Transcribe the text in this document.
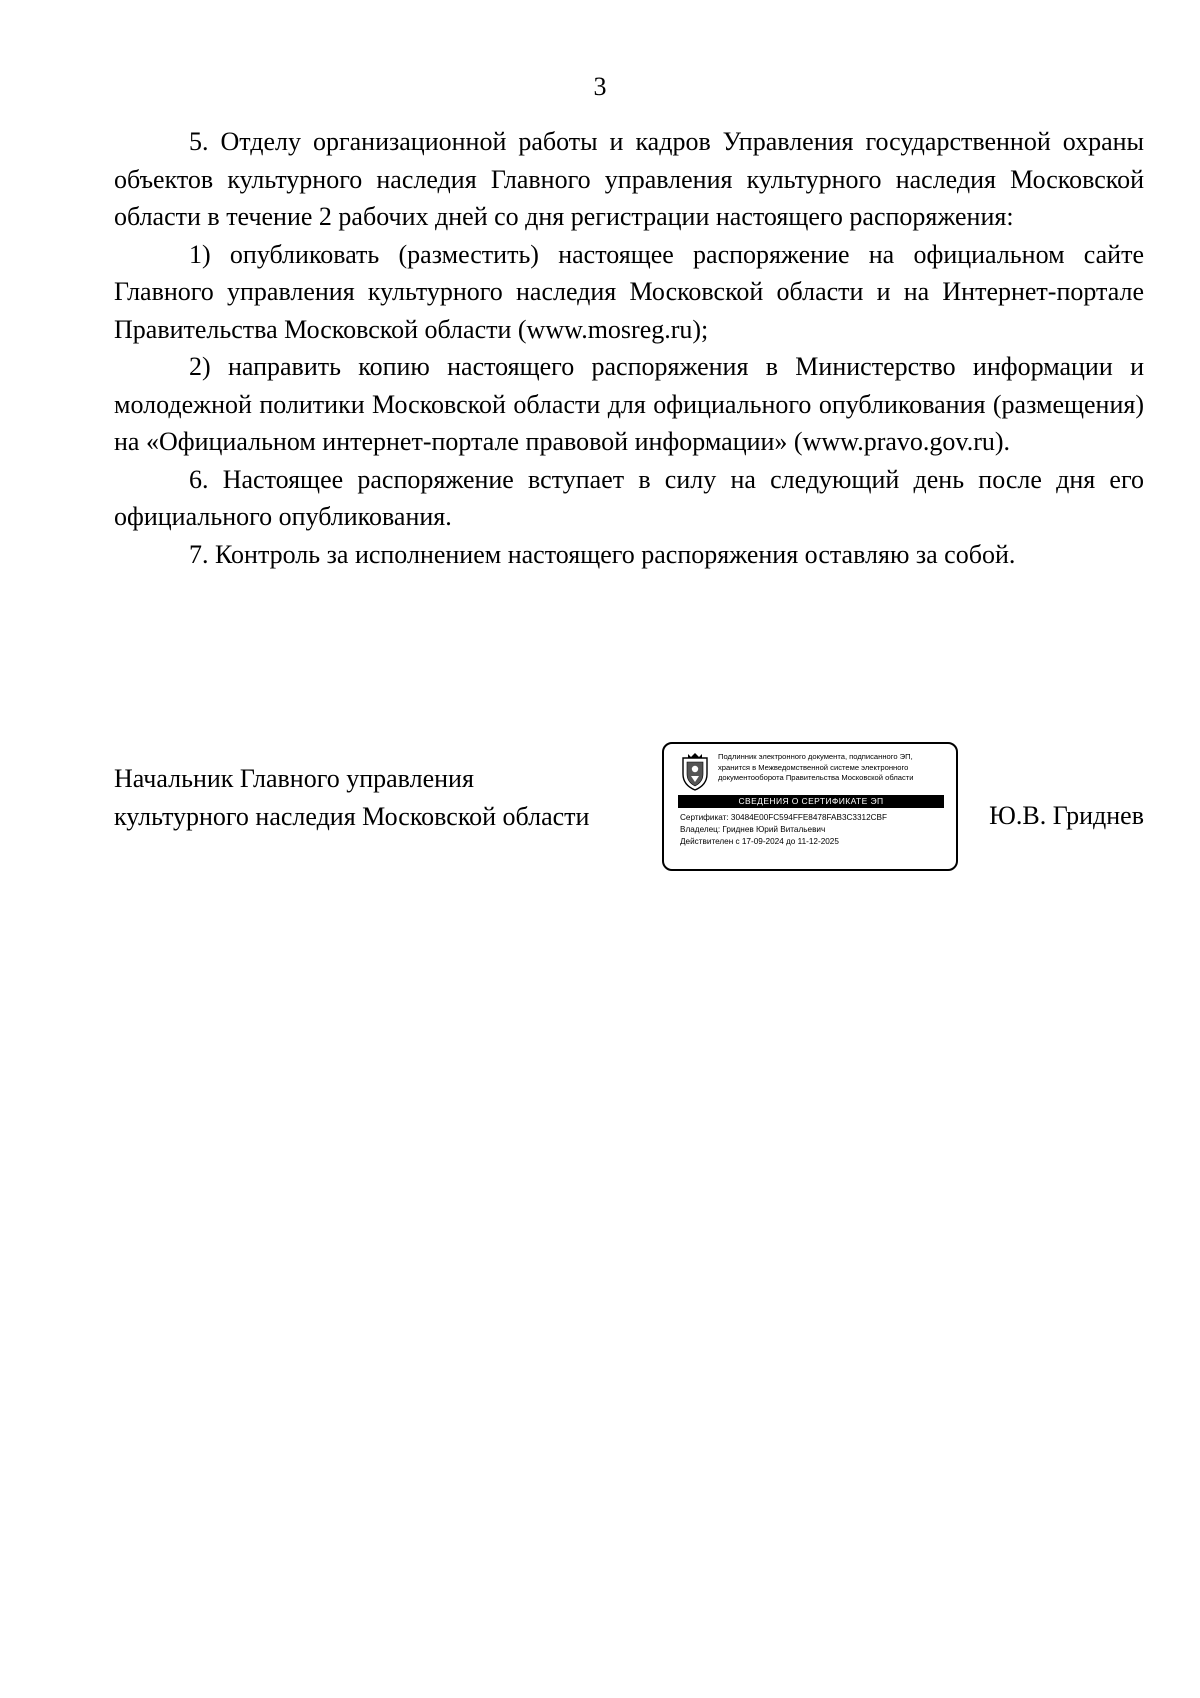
3

5. Отделу организационной работы и кадров Управления государственной охраны объектов культурного наследия Главного управления культурного наследия Московской области в течение 2 рабочих дней со дня регистрации настоящего распоряжения:

1) опубликовать (разместить) настоящее распоряжение на официальном сайте Главного управления культурного наследия Московской области и на Интернет-портале Правительства Московской области (www.mosreg.ru);

2) направить копию настоящего распоряжения в Министерство информации и молодежной политики Московской области для официального опубликования (размещения) на «Официальном интернет-портале правовой информации» (www.pravo.gov.ru).

6. Настоящее распоряжение вступает в силу на следующий день после дня его официального опубликования.

7. Контроль за исполнением настоящего распоряжения оставляю за собой.

Начальник Главного управления
культурного наследия Московской области
Подлинник электронного документа, подписанного ЭП,
хранится в Межведомственной системе электронного
документооборота Правительства Московской области
СВЕДЕНИЯ О СЕРТИФИКАТЕ ЭП
Сертификат: 30484E00FC594FFE8478FAB3C3312CBF
Владелец: Гриднев Юрий Витальевич
Действителен с 17-09-2024 до 11-12-2025
Ю.В. Гриднев
